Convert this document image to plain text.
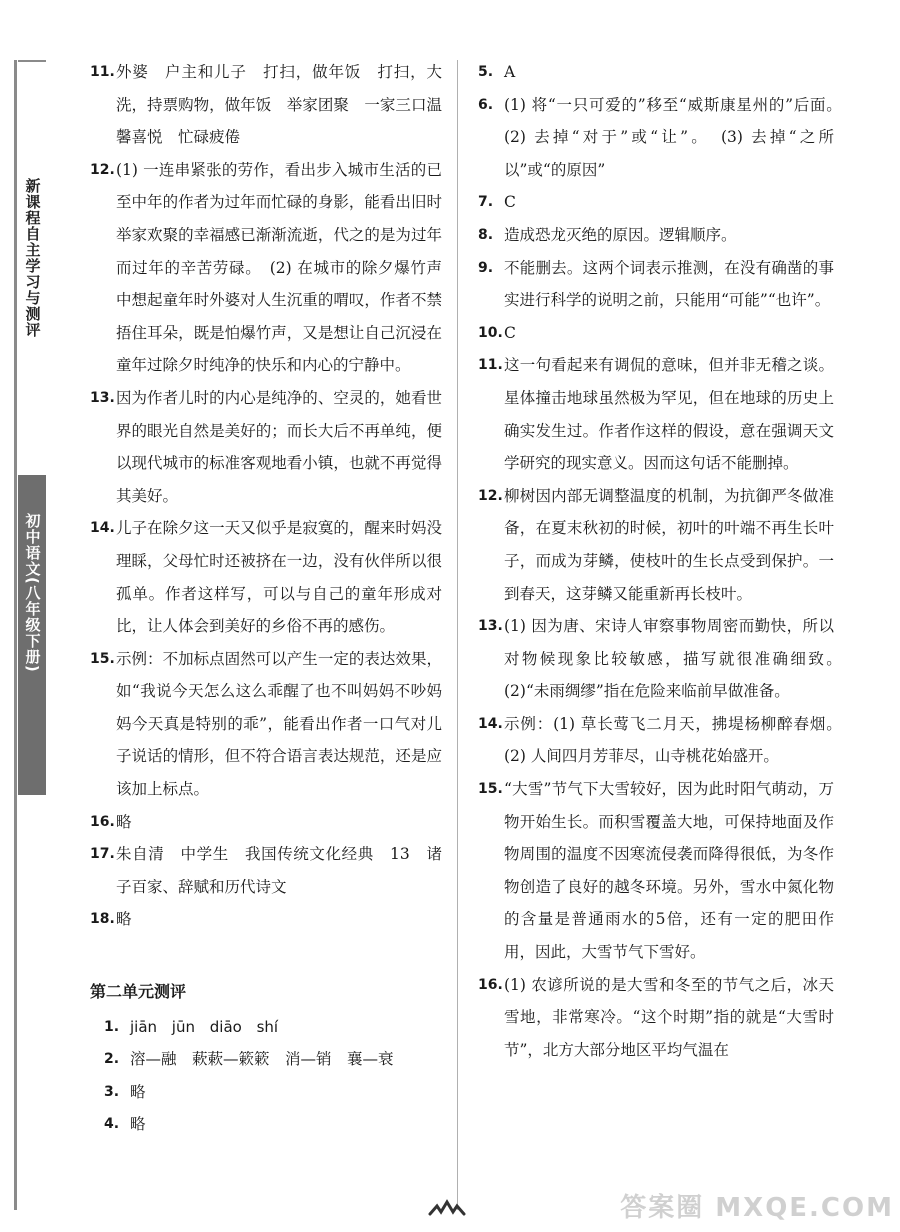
新课程自主学习与测评
初中语文(八年级下册)
11. 外婆　户主和儿子　打扫，做年饭　打扫，大洗，持票购物，做年饭　举家团聚　一家三口温馨喜悦　忙碌疲倦
12. (1) 一连串紧张的劳作，看出步入城市生活的已至中年的作者为过年而忙碌的身影，能看出旧时举家欢聚的幸福感已渐渐流逝，代之的是为过年而过年的辛苦劳碌。　(2) 在城市的除夕爆竹声中想起童年时外婆对人生沉重的喟叹，作者不禁捂住耳朵，既是怕爆竹声，又是想让自己沉浸在童年过除夕时纯净的快乐和内心的宁静中。
13. 因为作者儿时的内心是纯净的、空灵的，她看世界的眼光自然是美好的；而长大后不再单纯，便以现代城市的标准客观地看小镇，也就不再觉得其美好。
14. 儿子在除夕这一天又似乎是寂寞的，醒来时妈没理睬，父母忙时还被挤在一边，没有伙伴所以很孤单。作者这样写，可以与自己的童年形成对比，让人体会到美好的乡俗不再的感伤。
15. 示例：不加标点固然可以产生一定的表达效果，如“我说今天怎么这么乖醒了也不叫妈妈不吵妈妈今天真是特别的乖”，能看出作者一口气对儿子说话的情形，但不符合语言表达规范，还是应该加上标点。
16. 略
17. 朱自清　中学生　我国传统文化经典　13　诸子百家、辞赋和历代诗文
18. 略
第二单元测评
1. jiān jūn diāo shí
2. 溶—融　蔌蔌—簌簌　消—销　襄—衰
3. 略
4. 略
5. A
6. (1) 将“一只可爱的”移至“威斯康星州的”后面。　(2) 去掉“对于”或“让”。　(3) 去掉“之所以”或“的原因”
7. C
8. 造成恐龙灭绝的原因。逻辑顺序。
9. 不能删去。这两个词表示推测，在没有确凿的事实进行科学的说明之前，只能用“可能”“也许”。
10. C
11. 这一句看起来有调侃的意味，但并非无稽之谈。星体撞击地球虽然极为罕见，但在地球的历史上确实发生过。作者作这样的假设，意在强调天文学研究的现实意义。因而这句话不能删掉。
12. 柳树因内部无调整温度的机制，为抗御严冬做准备，在夏末秋初的时候，初叶的叶端不再生长叶子，而成为芽鳞，使枝叶的生长点受到保护。一到春天，这芽鳞又能重新再长枝叶。
13. (1) 因为唐、宋诗人审察事物周密而勤快，所以对物候现象比较敏感，描写就很准确细致。　(2)“未雨绸缪”指在危险来临前早做准备。
14. 示例：(1) 草长莺飞二月天，拂堤杨柳醉春烟。　(2) 人间四月芳菲尽，山寺桃花始盛开。
15. “大雪”节气下大雪较好，因为此时阳气萌动，万物开始生长。而积雪覆盖大地，可保持地面及作物周围的温度不因寒流侵袭而降得很低，为冬作物创造了良好的越冬环境。另外，雪水中氮化物的含量是普通雨水的5倍，还有一定的肥田作用，因此，大雪节气下雪好。
16. (1) 农谚所说的是大雪和冬至的节气之后，冰天雪地，非常寒冷。“这个时期”指的就是“大雪时节”，北方大部分地区平均气温在
答案圈 MXQE.COM
